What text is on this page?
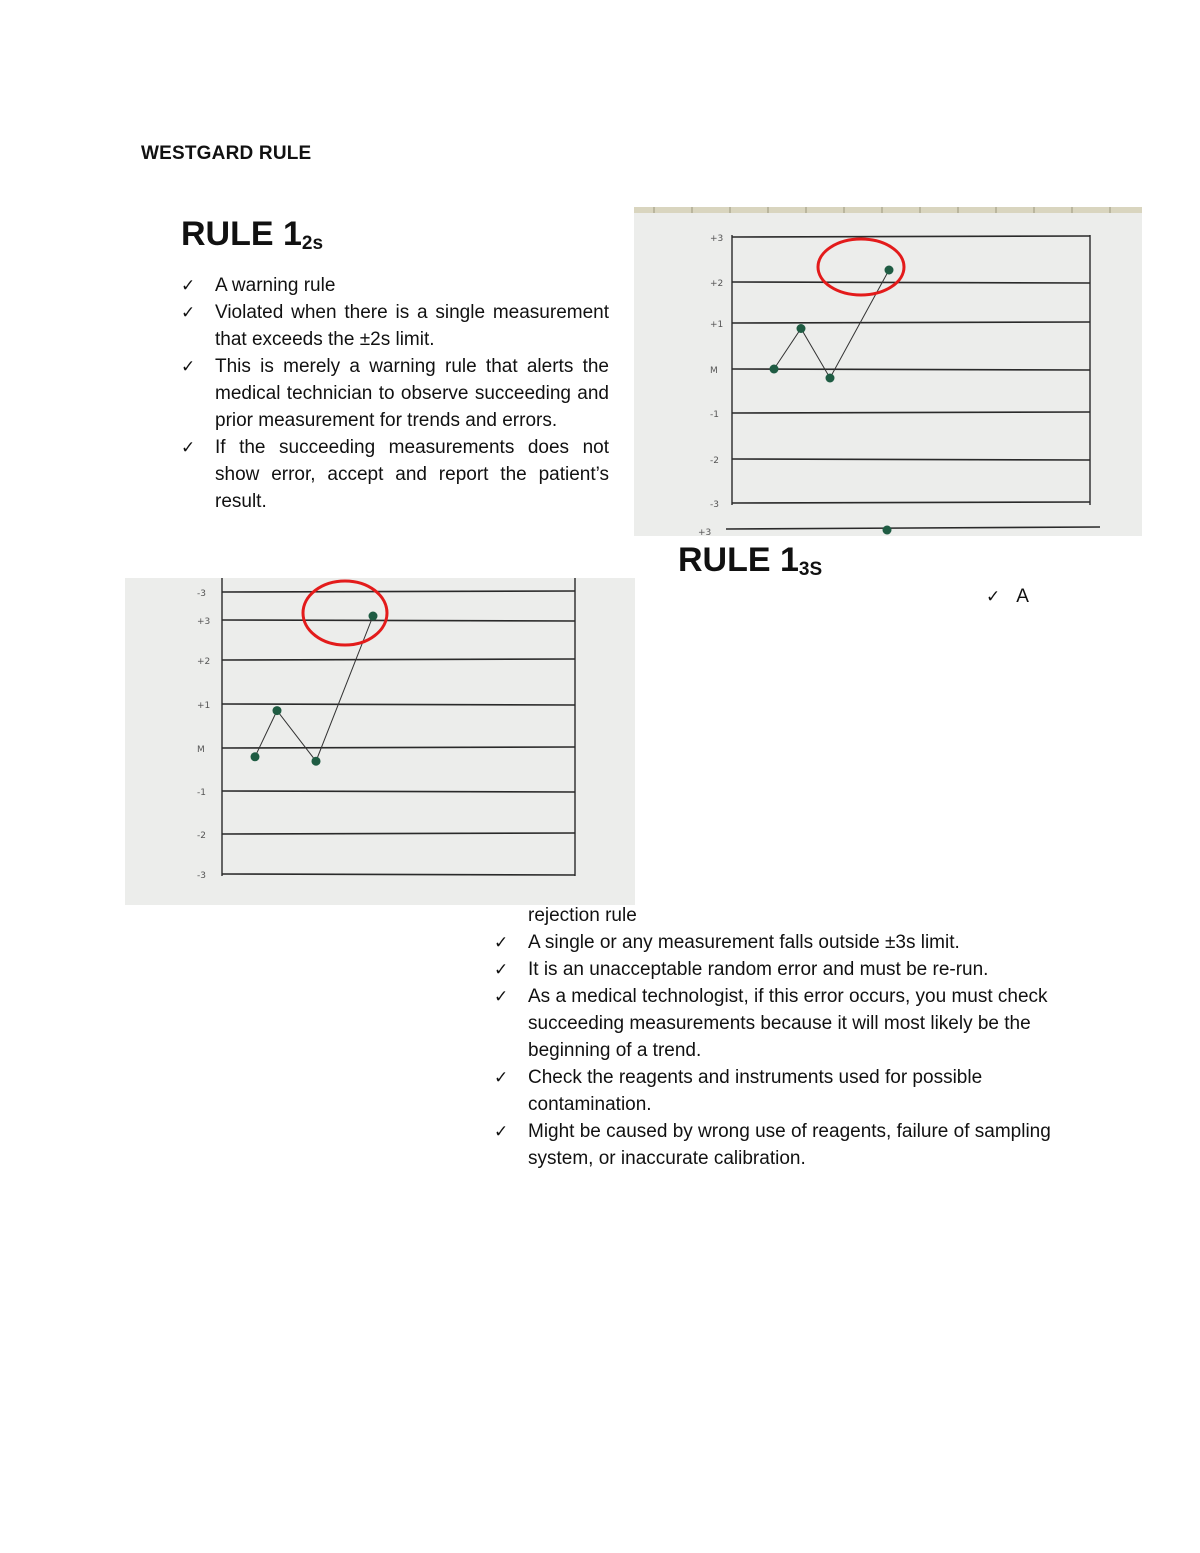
WESTGARD RULE
RULE $1_{2s}$
✓ A warning rule
✓ Violated when there is a single measurement that exceeds the ±2s limit.
✓ This is merely a warning rule that alerts the medical technician to observe succeeding and prior measurement for trends and errors.
✓ If the succeeding measurements does not show error, accept and report the patient’s result.
+3
+2
+1
M
-1
-2
-3
+3
RULE $1_{3S}$
✓ A
-3
+3
+2
+1
M
-1
-2
-3
rejection rule
✓ A single or any measurement falls outside ±3s limit.
✓ It is an unacceptable random error and must be re-run.
✓ As a medical technologist, if this error occurs, you must check succeeding measurements because it will most likely be the beginning of a trend.
✓ Check the reagents and instruments used for possible contamination.
✓ Might be caused by wrong use of reagents, failure of sampling system, or inaccurate calibration.
